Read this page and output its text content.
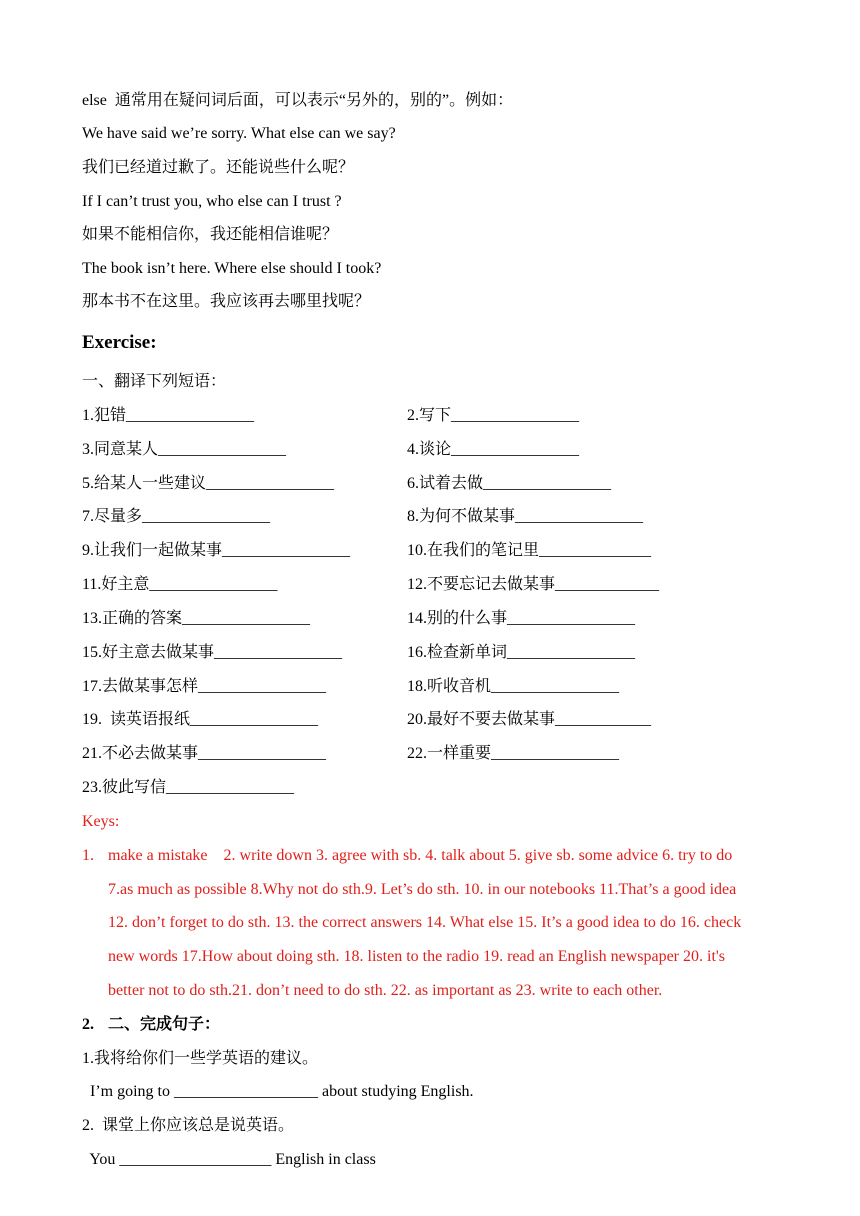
else  通常用在疑问词后面，可以表示“另外的，别的”。例如：
We have said we’re sorry. What else can we say?
我们已经道过歉了。还能说些什么呢？
If I can’t trust you, who else can I trust ?
如果不能相信你，我还能相信谁呢？
The book isn’t here. Where else should I took?
那本书不在这里。我应该再去哪里找呢？
Exercise:
一、翻译下列短语：
1.犯错________________	2.写下________________
3.同意某人________________	4.谈论________________
5.给某人一些建议________________	6.试着去做________________
7.尽量多________________	8.为何不做某事________________
9.让我们一起做某事________________	10.在我们的笔记里______________
11.好主意________________	12.不要忘记去做某事_____________
13.正确的答案________________	14.别的什么事________________
15.好主意去做某事________________	16.检查新单词________________
17.去做某事怎样________________	18.听收音机________________
19.  读英语报纸________________	20.最好不要去做某事____________
21.不必去做某事________________	22.一样重要________________
23.彼此写信________________
Keys:
1. make a mistake    2. write down 3. agree with sb. 4. talk about 5. give sb. some advice 6. try to do
7.as much as possible 8.Why not do sth.9. Let’s do sth. 10. in our notebooks 11.That’s a good idea
12. don’t forget to do sth. 13. the correct answers 14. What else 15. It’s a good idea to do 16. check
new words 17.How about doing sth. 18. listen to the radio 19. read an English newspaper 20. it's
better not to do sth.21. don’t need to do sth. 22. as important as 23. write to each other.
2. 二、完成句子：
1.我将给你们一些学英语的建议。
I’m going to __________________ about studying English.
2.  课堂上你应该总是说英语。
You ___________________ English in class
